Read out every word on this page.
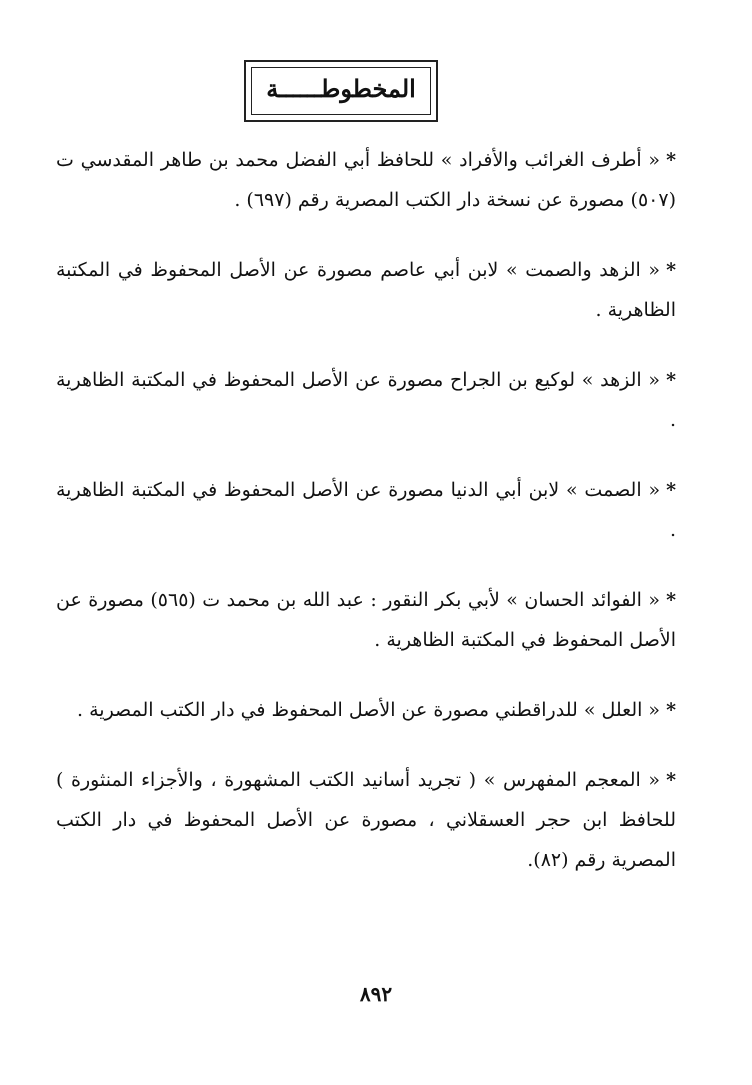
المخطوطــــــة

*« أطرف الغرائب والأفراد » للحافظ أبي الفضل محمد بن طاهر المقدسي ت (٥٠٧) مصورة عن نسخة دار الكتب المصرية رقم (٦٩٧) .

*« الزهد والصمت » لابن أبي عاصم مصورة عن الأصل المحفوظ في المكتبة الظاهرية .

*« الزهد » لوكيع بن الجراح مصورة عن الأصل المحفوظ في المكتبة الظاهرية .

*« الصمت » لابن أبي الدنيا مصورة عن الأصل المحفوظ في المكتبة الظاهرية .

*« الفوائد الحسان » لأبي بكر النقور : عبد الله بن محمد ت (٥٦٥) مصورة عن الأصل المحفوظ في المكتبة الظاهرية .

*« العلل » للدراقطني مصورة عن الأصل المحفوظ في دار الكتب المصرية .

*« المعجم المفهرس » ( تجريد أسانيد الكتب المشهورة ، والأجزاء المنثورة ) للحافظ ابن حجر العسقلاني ، مصورة عن الأصل المحفوظ في دار الكتب المصرية رقم (٨٢).

٨٩٢
